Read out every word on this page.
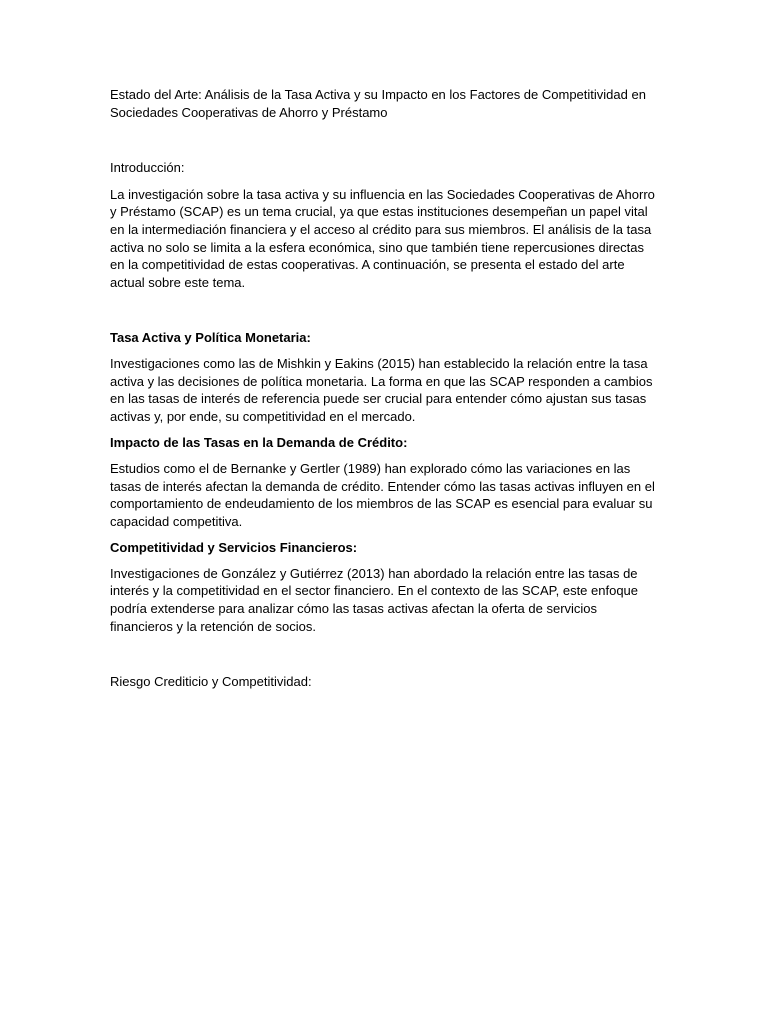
Estado del Arte: Análisis de la Tasa Activa y su Impacto en los Factores de Competitividad en Sociedades Cooperativas de Ahorro y Préstamo

Introducción:

La investigación sobre la tasa activa y su influencia en las Sociedades Cooperativas de Ahorro y Préstamo (SCAP) es un tema crucial, ya que estas instituciones desempeñan un papel vital en la intermediación financiera y el acceso al crédito para sus miembros. El análisis de la tasa activa no solo se limita a la esfera económica, sino que también tiene repercusiones directas en la competitividad de estas cooperativas. A continuación, se presenta el estado del arte actual sobre este tema.

Tasa Activa y Política Monetaria:

Investigaciones como las de Mishkin y Eakins (2015) han establecido la relación entre la tasa activa y las decisiones de política monetaria. La forma en que las SCAP responden a cambios en las tasas de interés de referencia puede ser crucial para entender cómo ajustan sus tasas activas y, por ende, su competitividad en el mercado.

Impacto de las Tasas en la Demanda de Crédito:

Estudios como el de Bernanke y Gertler (1989) han explorado cómo las variaciones en las tasas de interés afectan la demanda de crédito. Entender cómo las tasas activas influyen en el comportamiento de endeudamiento de los miembros de las SCAP es esencial para evaluar su capacidad competitiva.

Competitividad y Servicios Financieros:

Investigaciones de González y Gutiérrez (2013) han abordado la relación entre las tasas de interés y la competitividad en el sector financiero. En el contexto de las SCAP, este enfoque podría extenderse para analizar cómo las tasas activas afectan la oferta de servicios financieros y la retención de socios.

Riesgo Crediticio y Competitividad:
